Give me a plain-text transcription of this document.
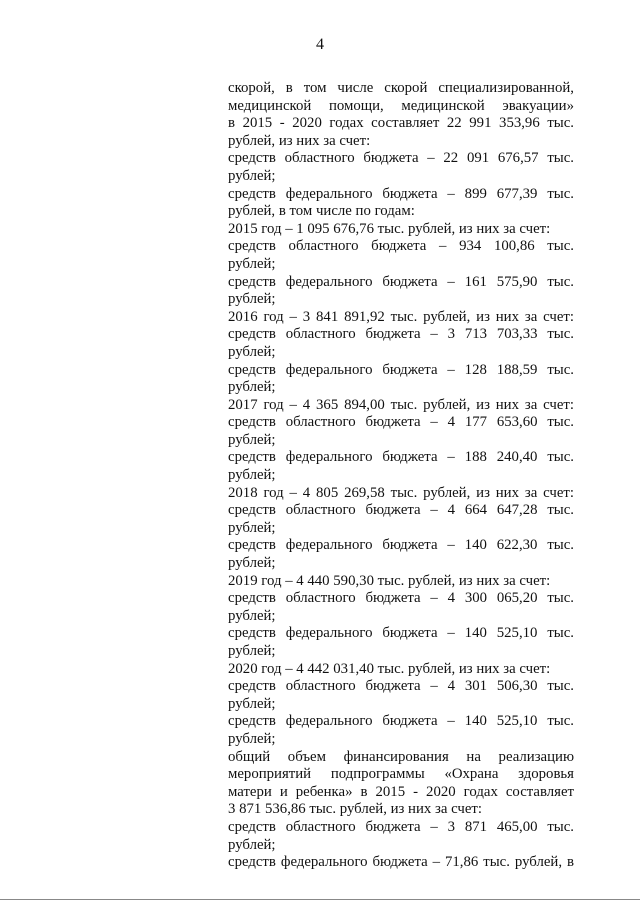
4
скорой, в том числе скорой специализированной,
медицинской помощи, медицинской эвакуации»
в 2015 - 2020 годах составляет 22 991 353,96 тыс.
рублей, из них за счет:
средств областного бюджета – 22 091 676,57 тыс.
рублей;
средств федерального бюджета – 899 677,39 тыс.
рублей, в том числе по годам:
2015 год – 1 095 676,76 тыс. рублей, из них за счет:
средств областного бюджета – 934 100,86 тыс.
рублей;
средств федерального бюджета – 161 575,90 тыс.
рублей;
2016 год – 3 841 891,92 тыс. рублей, из них за счет:
средств областного бюджета – 3 713 703,33 тыс.
рублей;
средств федерального бюджета – 128 188,59 тыс.
рублей;
2017 год – 4 365 894,00 тыс. рублей, из них за счет:
средств областного бюджета – 4 177 653,60 тыс.
рублей;
средств федерального бюджета – 188 240,40 тыс.
рублей;
2018 год – 4 805 269,58 тыс. рублей, из них за счет:
средств областного бюджета – 4 664 647,28 тыс.
рублей;
средств федерального бюджета – 140 622,30 тыс.
рублей;
2019 год – 4 440 590,30 тыс. рублей, из них за счет:
средств областного бюджета – 4 300 065,20 тыс.
рублей;
средств федерального бюджета – 140 525,10 тыс.
рублей;
2020 год – 4 442 031,40 тыс. рублей, из них за счет:
средств областного бюджета – 4 301 506,30 тыс.
рублей;
средств федерального бюджета – 140 525,10 тыс.
рублей;
общий объем финансирования на реализацию
мероприятий подпрограммы «Охрана здоровья
матери и ребенка» в 2015 - 2020 годах составляет
3 871 536,86 тыс. рублей, из них за счет:
средств областного бюджета – 3 871 465,00 тыс.
рублей;
средств федерального бюджета – 71,86 тыс. рублей, в
